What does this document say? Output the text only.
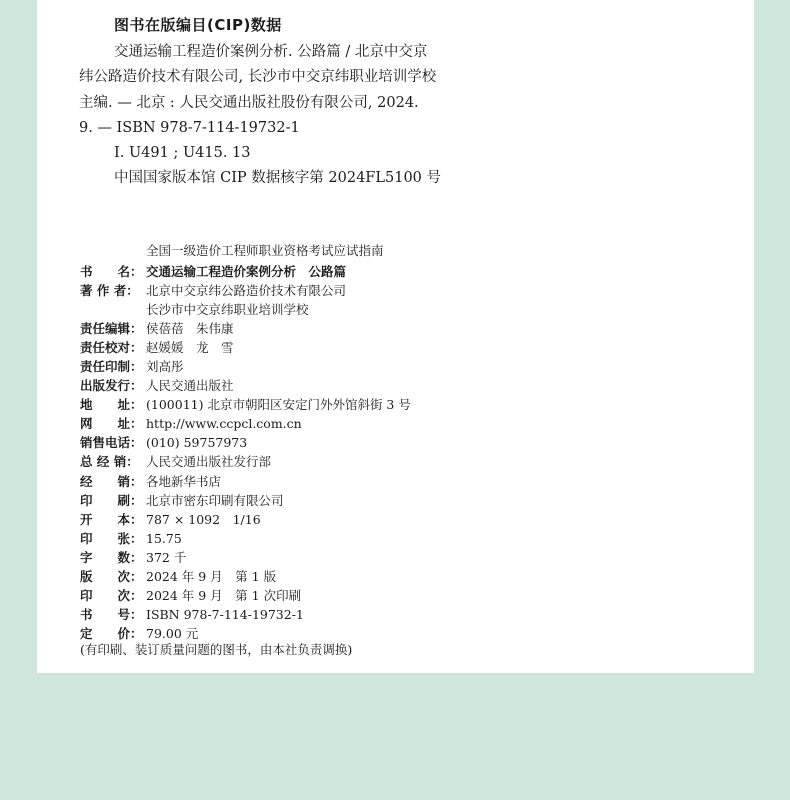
图书在版编目(CIP)数据
交通运输工程造价案例分析. 公路篇 / 北京中交京
纬公路造价技术有限公司, 长沙市中交京纬职业培训学校
主编. — 北京 : 人民交通出版社股份有限公司, 2024.
9. — ISBN 978-7-114-19732-1
Ⅰ. U491 ; U415. 13
中国国家版本馆 CIP 数据核字第 2024FL5100 号
全国一级造价工程师职业资格考试应试指南
书　　名： 交通运输工程造价案例分析　公路篇
著 作 者： 北京中交京纬公路造价技术有限公司
长沙市中交京纬职业培训学校
责任编辑： 侯蓓蓓　朱伟康
责任校对： 赵媛媛　龙　雪
责任印制： 刘高彤
出版发行： 人民交通出版社
地　　址： (100011) 北京市朝阳区安定门外外馆斜街 3 号
网　　址： http://www.ccpcl.com.cn
销售电话： (010) 59757973
总 经 销： 人民交通出版社发行部
经　　销： 各地新华书店
印　　刷： 北京市密东印刷有限公司
开　　本： 787 × 1092　1/16
印　　张： 15.75
字　　数： 372 千
版　　次： 2024 年 9 月　第 1 版
印　　次： 2024 年 9 月　第 1 次印刷
书　　号： ISBN 978-7-114-19732-1
定　　价： 79.00 元
(有印刷、装订质量问题的图书，由本社负责调换)
